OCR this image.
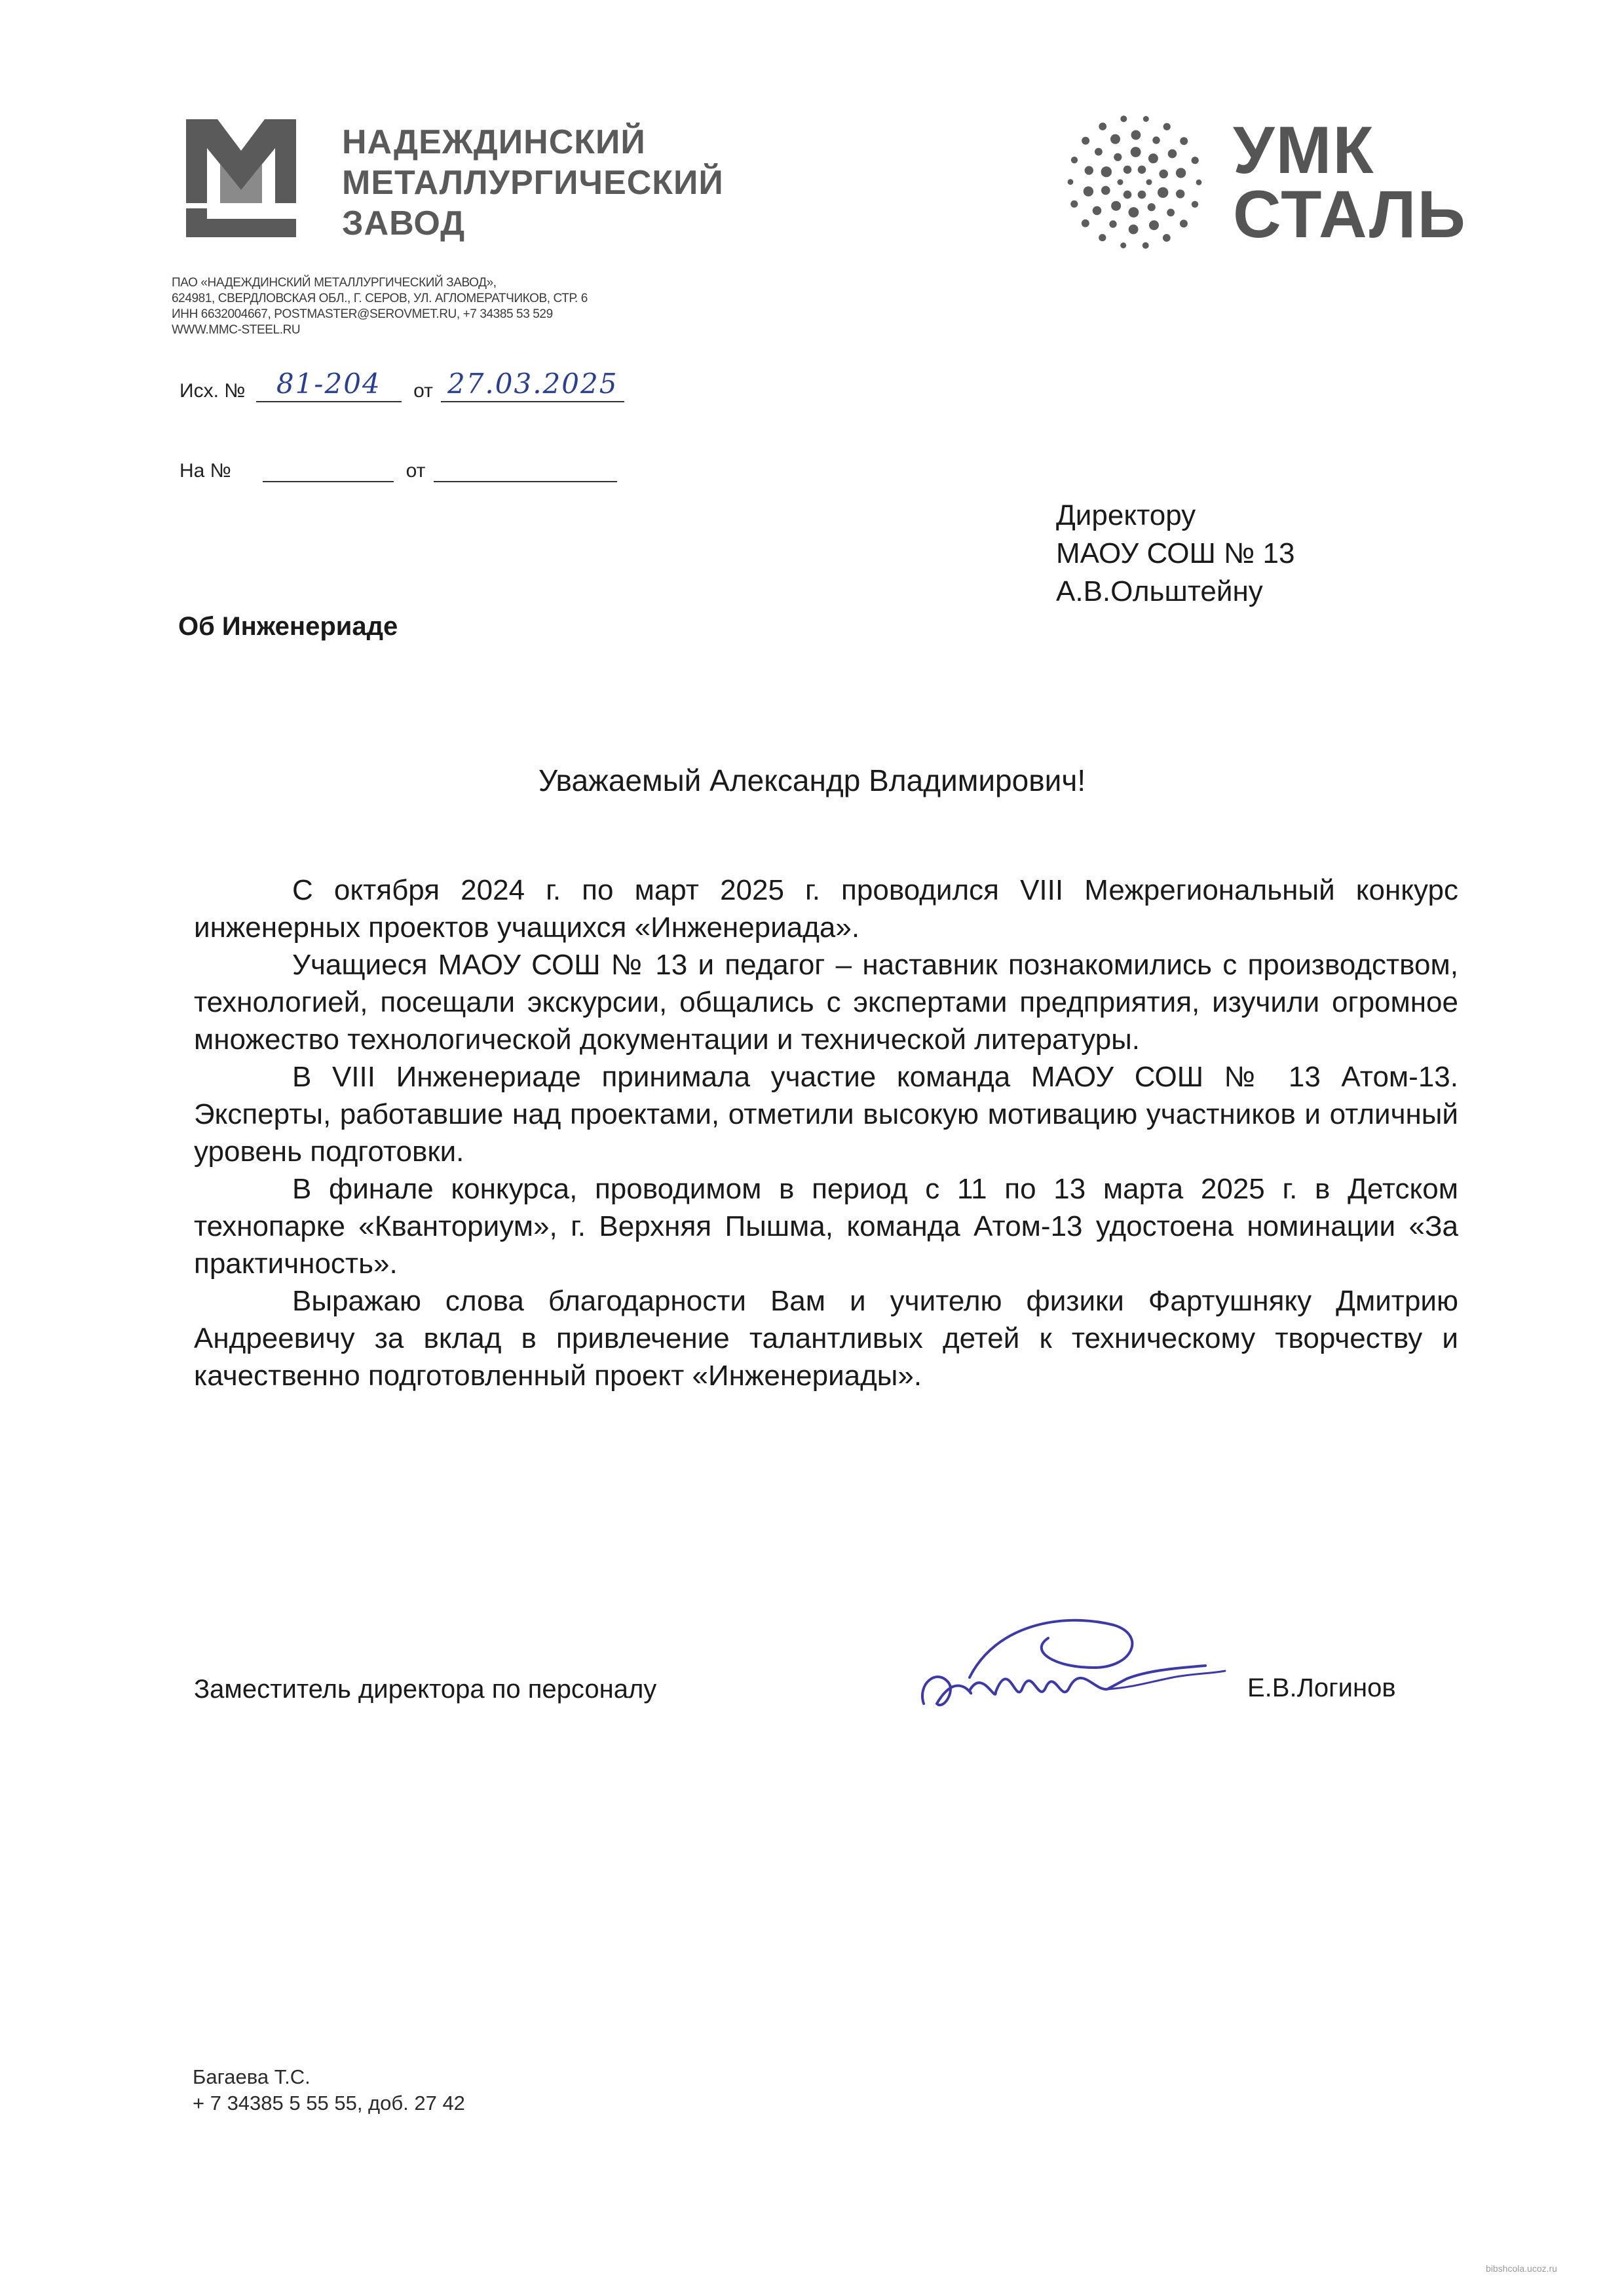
НАДЕЖДИНСКИЙ
МЕТАЛЛУРГИЧЕСКИЙ
ЗАВОД
ПАО «НАДЕЖДИНСКИЙ МЕТАЛЛУРГИЧЕСКИЙ ЗАВОД»,
624981, СВЕРДЛОВСКАЯ ОБЛ., Г. СЕРОВ, УЛ. АГЛОМЕРАТЧИКОВ, СТР. 6
ИНН 6632004667, POSTMASTER@SEROVMET.RU, +7 34385 53 529
WWW.MMC-STEEL.RU
УМК
СТАЛЬ
Исх. №	81-204	от 27.03.2025
На №	от
Директору
МАОУ СОШ № 13
А.В.Ольштейну
Об Инженериаде
Уважаемый Александр Владимирович!

С октября 2024 г. по март 2025 г. проводился VIII Межрегиональный конкурс инженерных проектов учащихся «Инженериада».

Учащиеся МАОУ СОШ № 13 и педагог – наставник познакомились с производством, технологией, посещали экскурсии, общались с экспертами предприятия, изучили огромное множество технологической документации и технической литературы.

В VIII Инженериаде принимала участие команда МАОУ СОШ № 13 Атом-13. Эксперты, работавшие над проектами, отметили высокую мотивацию участников и отличный уровень подготовки.

В финале конкурса, проводимом в период с 11 по 13 марта 2025 г. в Детском технопарке «Кванториум», г. Верхняя Пышма, команда Атом-13 удостоена номинации «За практичность».

Выражаю слова благодарности Вам и учителю физики Фартушняку Дмитрию Андреевичу за вклад в привлечение талантливых детей к техническому творчеству и качественно подготовленный проект «Инженериады».

Заместитель директора по персоналу	Е.В.Логинов
Багаева Т.С.
+ 7 34385 5 55 55, доб. 27 42
bibshcola.ucoz.ru
